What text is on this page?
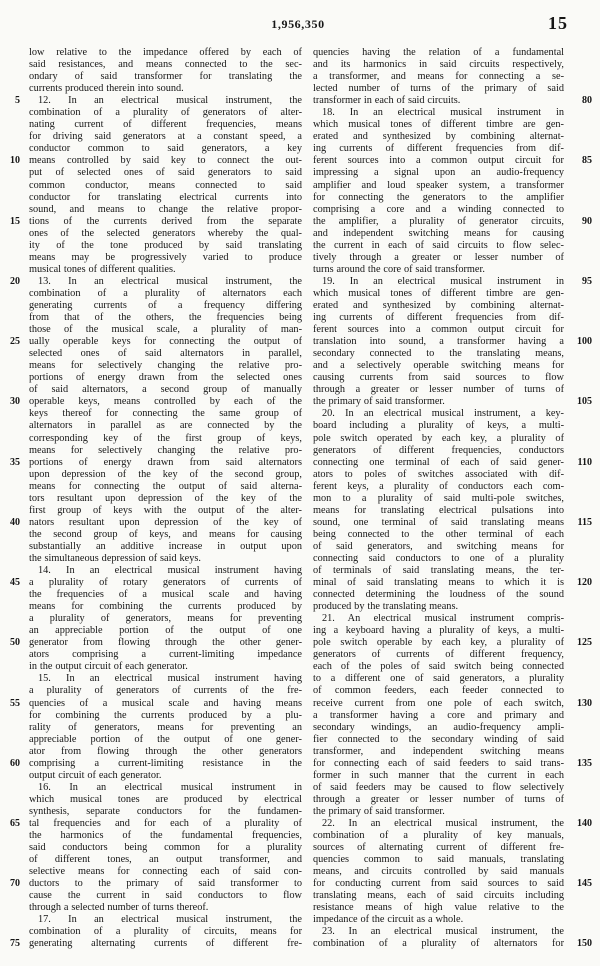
1,956,350	15
low relative to the impedance offered by each of
said resistances, and means connected to the sec-
ondary of said transformer for translating the
currents produced therein into sound.
5	12. In an electrical musical instrument, the
combination of a plurality of generators of alter-
nating current of different frequencies, means
for driving said generators at a constant speed, a
conductor common to said generators, a key
10 means controlled by said key to connect the out-
put of selected ones of said generators to said
common conductor, means connected to said
conductor for translating electrical currents into
sound, and means to change the relative propor-
15 tions of the currents derived from the separate
ones of the selected generators whereby the qual-
ity of the tone produced by said translating
means may be progressively varied to produce
musical tones of different qualities.
20	13. In an electrical musical instrument, the
combination of a plurality of alternators each
generating currents of a frequency differing
from that of the others, the frequencies being
those of the musical scale, a plurality of man-
25 ually operable keys for connecting the output of
selected ones of said alternators in parallel,
means for selectively changing the relative pro-
portions of energy drawn from the selected ones
of said alternators, a second group of manually
30 operable keys, means controlled by each of the
keys thereof for connecting the same group of
alternators in parallel as are connected by the
corresponding key of the first group of keys,
means for selectively changing the relative pro-
35 portions of energy drawn from said alternators
upon depression of the key of the second group,
means for connecting the output of said alterna-
tors resultant upon depression of the key of the
first group of keys with the output of the alter-
40 nators resultant upon depression of the key of
the second group of keys, and means for causing
substantially an additive increase in output upon
the simultaneous depression of said keys.
14. In an electrical musical instrument having
45 a plurality of rotary generators of currents of
the frequencies of a musical scale and having
means for combining the currents produced by
a plurality of generators, means for preventing
an appreciable portion of the output of one
50 generator from flowing through the other gener-
ators comprising a current-limiting impedance
in the output circuit of each generator.
15. In an electrical musical instrument having
a plurality of generators of currents of the fre-
55 quencies of a musical scale and having means
for combining the currents produced by a plu-
rality of generators, means for preventing an
appreciable portion of the output of one gener-
ator from flowing through the other generators
60 comprising a current-limiting resistance in the
output circuit of each generator.
16. In an electrical musical instrument in
which musical tones are produced by electrical
synthesis, separate conductors for the fundamen-
65 tal frequencies and for each of a plurality of
the harmonics of the fundamental frequencies,
said conductors being common for a plurality
of different tones, an output transformer, and
selective means for connecting each of said con-
70 ductors to the primary of said transformer to
cause the current in said conductors to flow
through a selected number of turns thereof.
17. In an electrical musical instrument, the
combination of a plurality of circuits, means for
75 generating alternating currents of different fre-
quencies having the relation of a fundamental
and its harmonics in said circuits respectively,
a transformer, and means for connecting a se-
lected number of turns of the primary of said
transformer in each of said circuits.	80
18. In an electrical musical instrument in
which musical tones of different timbre are gen-
erated and synthesized by combining alternat-
ing currents of different frequencies from dif-
ferent sources into a common output circuit for	85
impressing a signal upon an audio-frequency
amplifier and loud speaker system, a transformer
for connecting the generators to the amplifier
comprising a core and a winding connected to
the amplifier, a plurality of generator circuits,	90
and independent switching means for causing
the current in each of said circuits to flow selec-
tively through a greater or lesser number of
turns around the core of said transformer.
19. In an electrical musical instrument in	95
which musical tones of different timbre are gen-
erated and synthesized by combining alternat-
ing currents of different frequencies from dif-
ferent sources into a common output circuit for
translation into sound, a transformer having a	100
secondary connected to the translating means,
and a selectively operable switching means for
causing currents from said sources to flow
through a greater or lesser number of turns of
the primary of said transformer.	105
20. In an electrical musical instrument, a key-
board including a plurality of keys, a multi-
pole switch operated by each key, a plurality of
generators of different frequencies, conductors
connecting one terminal of each of said gener-	110
ators to poles of switches associated with dif-
ferent keys, a plurality of conductors each com-
mon to a plurality of said multi-pole switches,
means for translating electrical pulsations into
sound, one terminal of said translating means	115
being connected to the other terminal of each
of said generators, and switching means for
connecting said conductors to one of a plurality
of terminals of said translating means, the ter-
minal of said translating means to which it is	120
connected determining the loudness of the sound
produced by the translating means.
21. An electrical musical instrument compris-
ing a keyboard having a plurality of keys, a multi-
pole switch operable by each key, a plurality of	125
generators of currents of different frequency,
each of the poles of said switch being connected
to a different one of said generators, a plurality
of common feeders, each feeder connected to
receive current from one pole of each switch,	130
a transformer having a core and primary and
secondary windings, an audio-frequency ampli-
fier connected to the secondary winding of said
transformer, and independent switching means
for connecting each of said feeders to said trans-	135
former in such manner that the current in each
of said feeders may be caused to flow selectively
through a greater or lesser number of turns of
the primary of said transformer.
22. In an electrical musical instrument, the	140
combination of a plurality of key manuals,
sources of alternating current of different fre-
quencies common to said manuals, translating
means, and circuits controlled by said manuals
for conducting current from said sources to said	145
translating means, each of said circuits including
resistance means of high value relative to the
impedance of the circuit as a whole.
23. In an electrical musical instrument, the
combination of a plurality of alternators for	150
